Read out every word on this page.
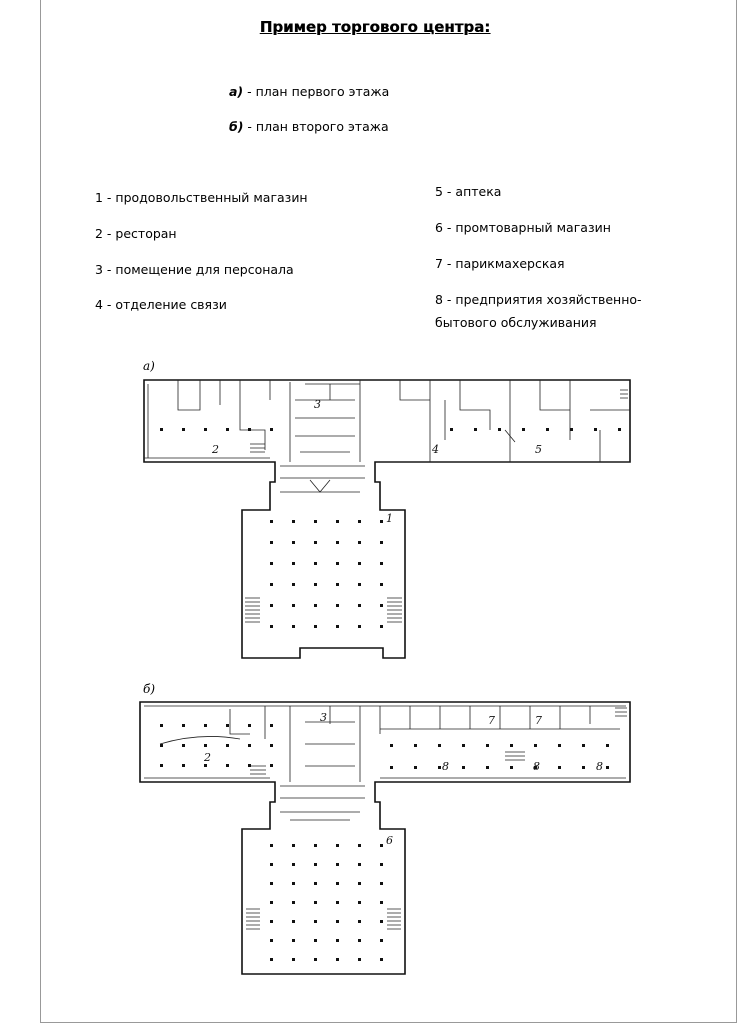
Пример торгового центра:
а) - план первого этажа
б) - план второго этажа
1 - продовольственный магазин
2 - ресторан
3 - помещение для персонала
4 - отделение связи
5 - аптека
6 - промтоварный магазин
7 - парикмахерская
8 - предприятия хозяйственно-
бытового обслуживания
а)
2
3
4	5
1
б)
2
3	7	7
8	8	8
6
